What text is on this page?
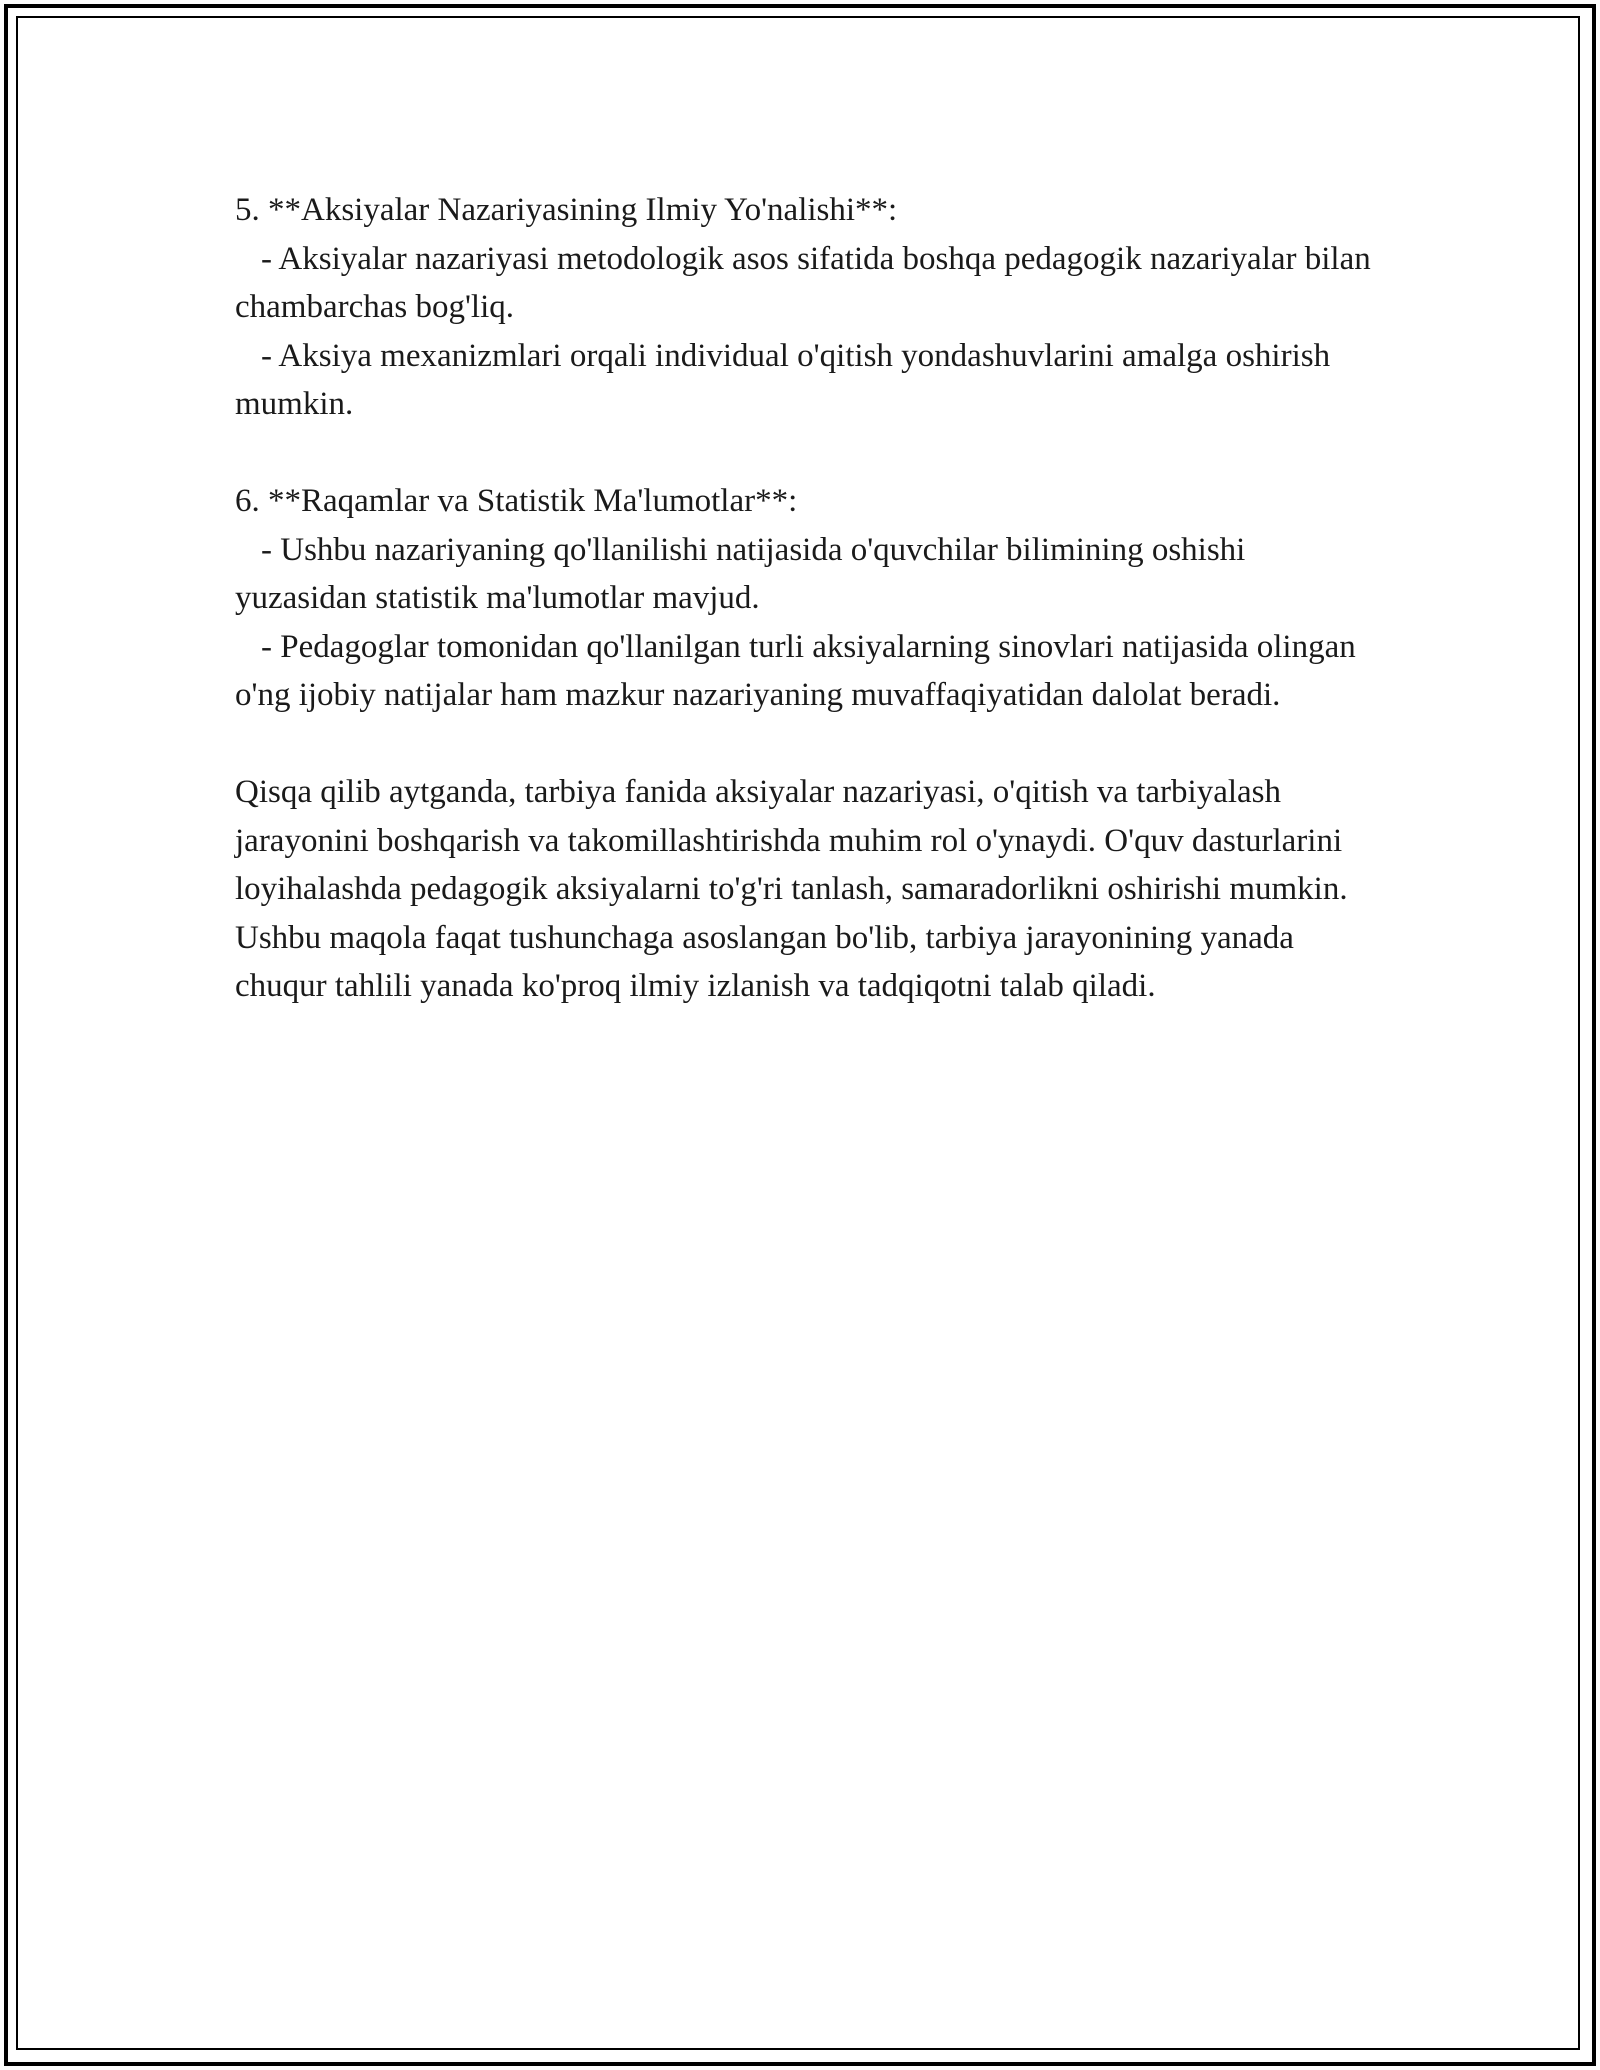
5. **Aksiyalar Nazariyasining Ilmiy Yo'nalishi**:
- Aksiyalar nazariyasi metodologik asos sifatida boshqa pedagogik nazariyalar bilan chambarchas bog'liq.
- Aksiya mexanizmlari orqali individual o'qitish yondashuvlarini amalga oshirish mumkin.
6. **Raqamlar va Statistik Ma'lumotlar**:
- Ushbu nazariyaning qo'llanilishi natijasida o'quvchilar bilimining oshishi yuzasidan statistik ma'lumotlar mavjud.
- Pedagoglar tomonidan qo'llanilgan turli aksiyalarning sinovlari natijasida olingan o'ng ijobiy natijalar ham mazkur nazariyaning muvaffaqiyatidan dalolat beradi.
Qisqa qilib aytganda, tarbiya fanida aksiyalar nazariyasi, o'qitish va tarbiyalash jarayonini boshqarish va takomillashtirishda muhim rol o'ynaydi. O'quv dasturlarini loyihalashda pedagogik aksiyalarni to'g'ri tanlash, samaradorlikni oshirishi mumkin. Ushbu maqola faqat tushunchaga asoslangan bo'lib, tarbiya jarayonining yanada chuqur tahlili yanada ko'proq ilmiy izlanish va tadqiqotni talab qiladi.
